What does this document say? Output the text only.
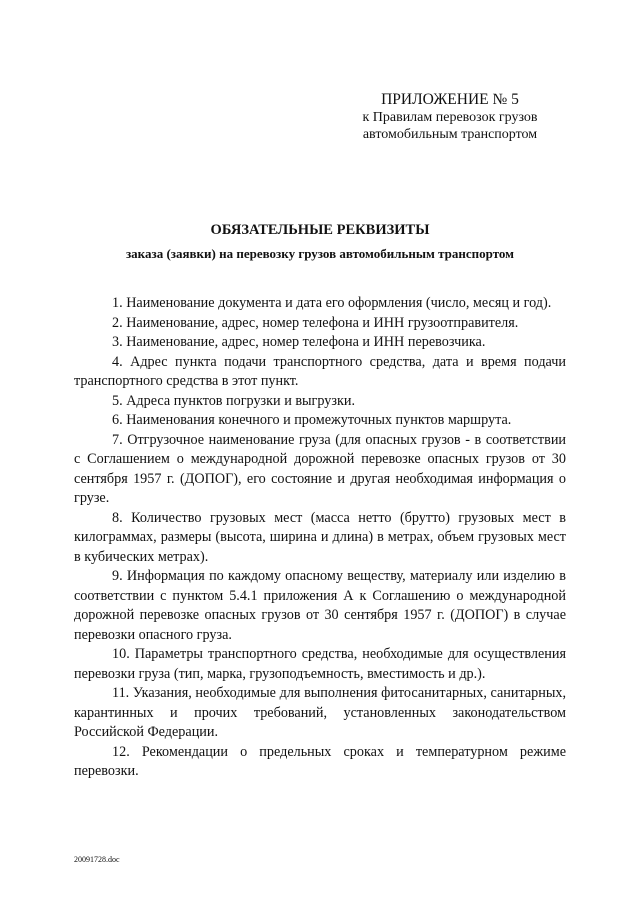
ПРИЛОЖЕНИЕ № 5
к Правилам перевозок грузов
автомобильным транспортом
ОБЯЗАТЕЛЬНЫЕ РЕКВИЗИТЫ
заказа (заявки) на перевозку грузов автомобильным транспортом

1. Наименование документа и дата его оформления (число, месяц и год).

2. Наименование, адрес, номер телефона и ИНН грузоотправителя.

3. Наименование, адрес, номер телефона и ИНН перевозчика.

4. Адрес пункта подачи транспортного средства, дата и время подачи транспортного средства в этот пункт.

5. Адреса пунктов погрузки и выгрузки.

6. Наименования конечного и промежуточных пунктов маршрута.

7. Отгрузочное наименование груза (для опасных грузов - в соответствии с Соглашением о международной дорожной перевозке опасных грузов от 30 сентября 1957 г. (ДОПОГ), его состояние и другая необходимая информация о грузе.

8. Количество грузовых мест (масса нетто (брутто) грузовых мест в килограммах, размеры (высота, ширина и длина) в метрах, объем грузовых мест в кубических метрах).

9. Информация по каждому опасному веществу, материалу или изделию в соответствии с пунктом 5.4.1 приложения А к Соглашению о международной дорожной перевозке опасных грузов от 30 сентября 1957 г. (ДОПОГ) в случае перевозки опасного груза.

10. Параметры транспортного средства, необходимые для осуществления перевозки груза (тип, марка, грузоподъемность, вместимость и др.).

11. Указания, необходимые для выполнения фитосанитарных, санитарных, карантинных и прочих требований, установленных законодательством Российской Федерации.

12. Рекомендации о предельных сроках и температурном режиме перевозки.

20091728.doc
